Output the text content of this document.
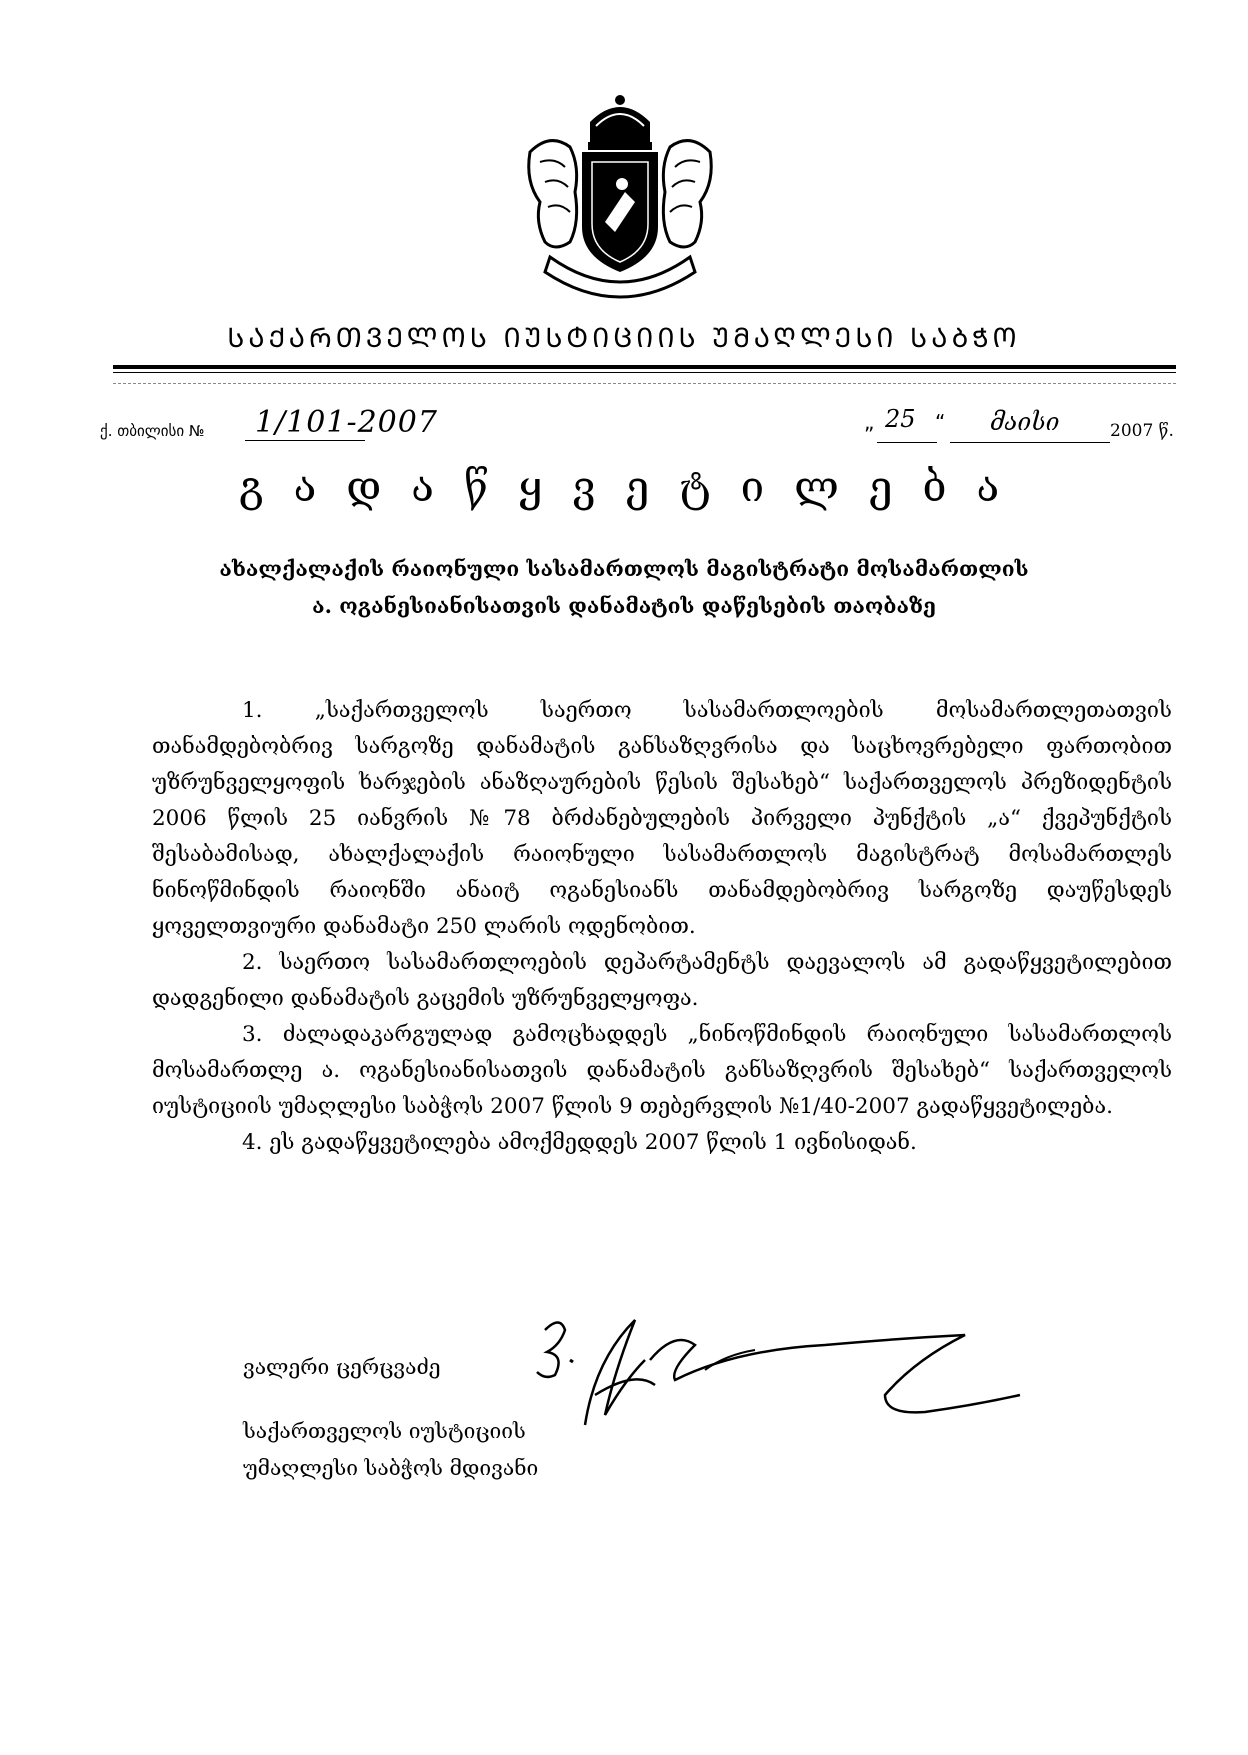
ᲡᲐᲥᲐᲠᲗᲕᲔᲚᲝᲡ ᲘᲣᲡᲢᲘᲪᲘᲘᲡ ᲣᲛᲐᲦᲚᲔᲡᲘ ᲡᲐᲑᲭᲝ
ქ. თბილისი № 1/101-2007	„ 25 “ მაისი	2007 წ.
გადაწყვეტილება
ახალქალაქის რაიონული სასამართლოს მაგისტრატი მოსამართლის
ა. ოგანესიანისათვის დანამატის დაწესების თაობაზე

1. „საქართველოს საერთო სასამართლოების მოსამართლეთათვის თანამდებობრივ სარგოზე დანამატის განსაზღვრისა და საცხოვრებელი ფართობით უზრუნველყოფის ხარჯების ანაზღაურების წესის შესახებ“ საქართველოს პრეზიდენტის 2006 წლის 25 იანვრის №78 ბრძანებულების პირველი პუნქტის „ა“ ქვეპუნქტის შესაბამისად, ახალქალაქის რაიონული სასამართლოს მაგისტრატ მოსამართლეს ნინოწმინდის რაიონში ანაიტ ოგანესიანს თანამდებობრივ სარგოზე დაუწესდეს ყოველთვიური დანამატი 250 ლარის ოდენობით.

2. საერთო სასამართლოების დეპარტამენტს დაევალოს ამ გადაწყვეტილებით დადგენილი დანამატის გაცემის უზრუნველყოფა.

3. ძალადაკარგულად გამოცხადდეს „ნინოწმინდის რაიონული სასამართლოს მოსამართლე ა. ოგანესიანისათვის დანამატის განსაზღვრის შესახებ“ საქართველოს იუსტიციის უმაღლესი საბჭოს 2007 წლის 9 თებერვლის №1/40-2007 გადაწყვეტილება.

4. ეს გადაწყვეტილება ამოქმედდეს 2007 წლის 1 ივნისიდან.

ვალერი ცერცვაძე
საქართველოს იუსტიციის
უმაღლესი საბჭოს მდივანი
